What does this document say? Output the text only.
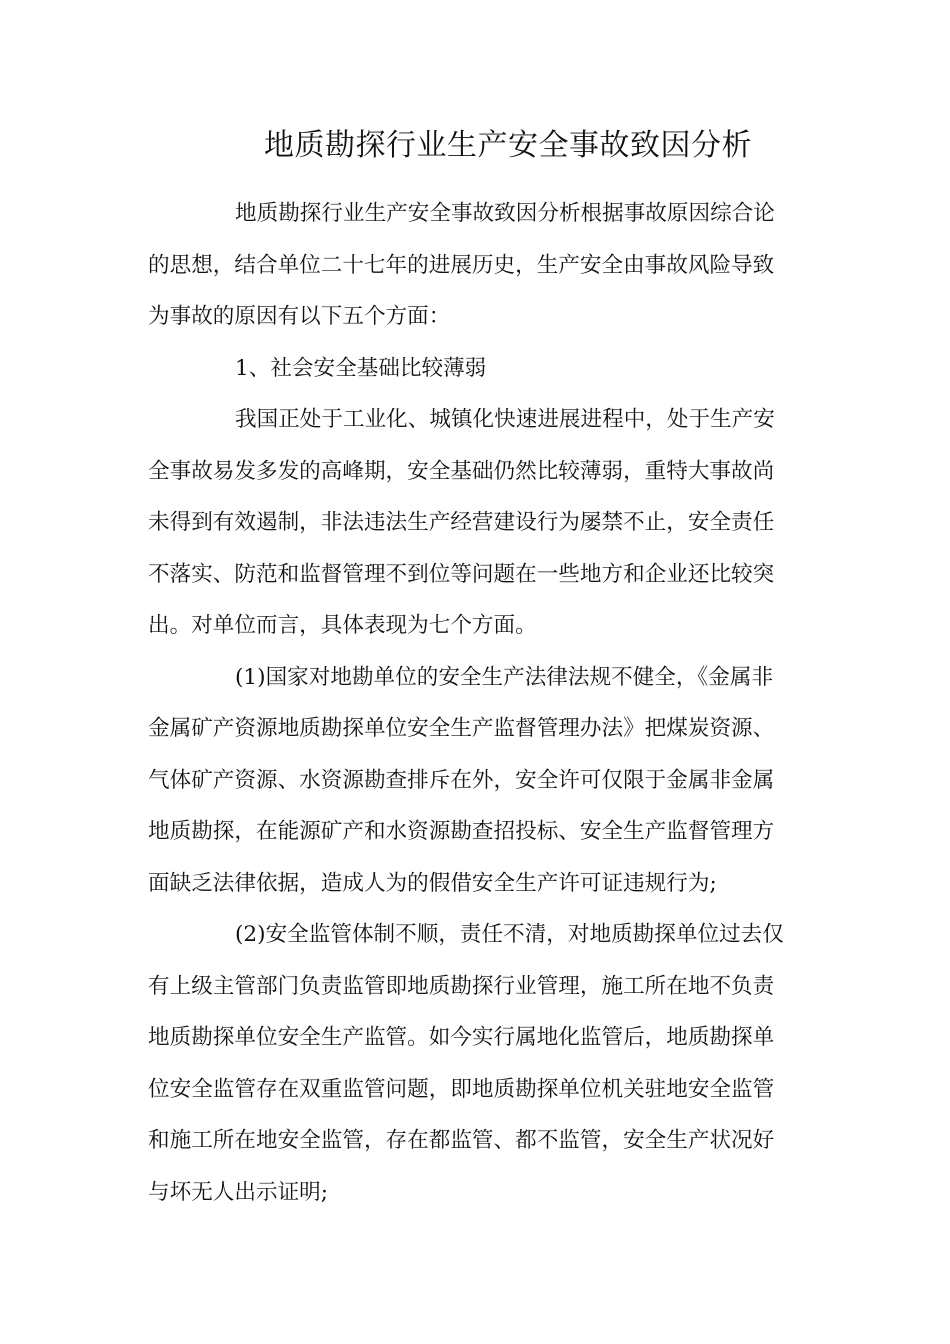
地质勘探行业生产安全事故致因分析
地质勘探行业生产安全事故致因分析根据事故原因综合论
的思想，结合单位二十七年的进展历史，生产安全由事故风险导致
为事故的原因有以下五个方面：
1、社会安全基础比较薄弱
我国正处于工业化、城镇化快速进展进程中，处于生产安
全事故易发多发的高峰期，安全基础仍然比较薄弱，重特大事故尚
未得到有效遏制，非法违法生产经营建设行为屡禁不止，安全责任
不落实、防范和监督管理不到位等问题在一些地方和企业还比较突
出。对单位而言，具体表现为七个方面。
(1)国家对地勘单位的安全生产法律法规不健全，《金属非
金属矿产资源地质勘探单位安全生产监督管理办法》把煤炭资源、
气体矿产资源、水资源勘查排斥在外，安全许可仅限于金属非金属
地质勘探，在能源矿产和水资源勘查招投标、安全生产监督管理方
面缺乏法律依据，造成人为的假借安全生产许可证违规行为;
(2)安全监管体制不顺，责任不清，对地质勘探单位过去仅
有上级主管部门负责监管即地质勘探行业管理，施工所在地不负责
地质勘探单位安全生产监管。如今实行属地化监管后，地质勘探单
位安全监管存在双重监管问题，即地质勘探单位机关驻地安全监管
和施工所在地安全监管，存在都监管、都不监管，安全生产状况好
与坏无人出示证明;
